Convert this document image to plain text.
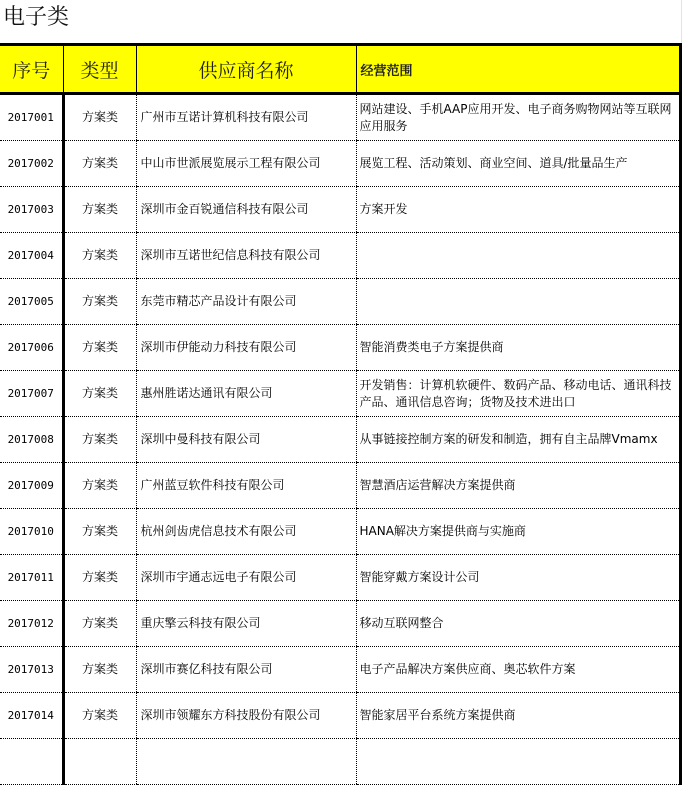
电子类
序号	类型	供应商名称	经营范围
2017001	方案类	广州市互诺计算机科技有限公司	网站建设、手机AAP应用开发、电子商务购物网站等互联网应用服务
2017002	方案类	中山市世派展览展示工程有限公司	展览工程、活动策划、商业空间、道具/批量品生产
2017003	方案类	深圳市金百锐通信科技有限公司	方案开发
2017004	方案类	深圳市互诺世纪信息科技有限公司	
2017005	方案类	东莞市精芯产品设计有限公司	
2017006	方案类	深圳市伊能动力科技有限公司	智能消费类电子方案提供商
2017007	方案类	惠州胜诺达通讯有限公司	开发销售：计算机软硬件、数码产品、移动电话、通讯科技产品、通讯信息咨询；货物及技术进出口
2017008	方案类	深圳中曼科技有限公司	从事链接控制方案的研发和制造，拥有自主品牌Vmamx
2017009	方案类	广州蓝豆软件科技有限公司	智慧酒店运营解决方案提供商
2017010	方案类	杭州剑齿虎信息技术有限公司	HANA解决方案提供商与实施商
2017011	方案类	深圳市宇通志远电子有限公司	智能穿戴方案设计公司
2017012	方案类	重庆擎云科技有限公司	移动互联网整合
2017013	方案类	深圳市赛亿科技有限公司	电子产品解决方案供应商、奥芯软件方案
2017014	方案类	深圳市领耀东方科技股份有限公司	智能家居平台系统方案提供商
